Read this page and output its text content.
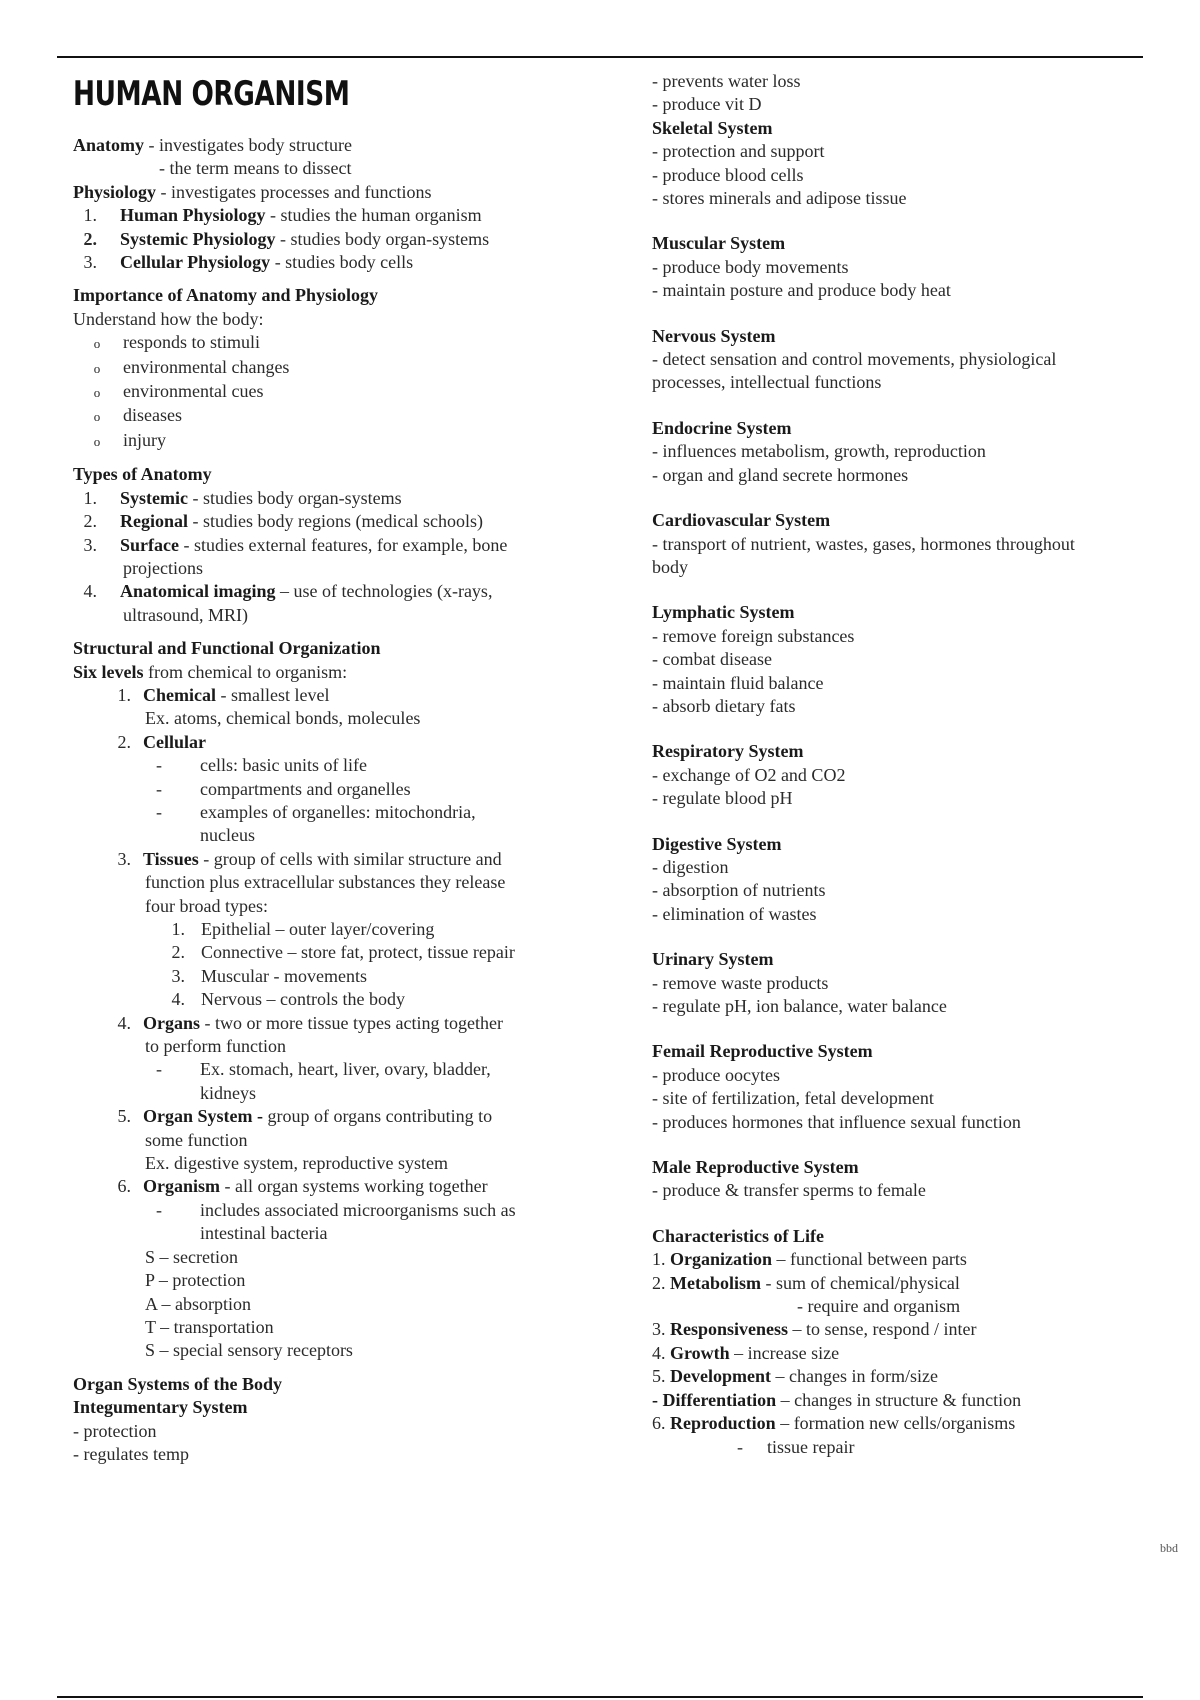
HUMAN ORGANISM
Anatomy - investigates body structure
- the term means to dissect
Physiology - investigates processes and functions
1. Human Physiology - studies the human organism
2. Systemic Physiology - studies body organ-systems
3. Cellular Physiology - studies body cells
Importance of Anatomy and Physiology
Understand how the body:
o responds to stimuli
o environmental changes
o environmental cues
o diseases
o injury
Types of Anatomy
1. Systemic - studies body organ-systems
2. Regional - studies body regions (medical schools)
3. Surface - studies external features, for example, bone
projections
4. Anatomical imaging – use of technologies (x-rays,
ultrasound, MRI)
Structural and Functional Organization
Six levels from chemical to organism:
1. Chemical - smallest level
Ex. atoms, chemical bonds, molecules
2. Cellular
- cells: basic units of life
- compartments and organelles
- examples of organelles: mitochondria,
nucleus
3. Tissues - group of cells with similar structure and
function plus extracellular substances they release
four broad types:
1. Epithelial – outer layer/covering
2. Connective – store fat, protect, tissue repair
3. Muscular - movements
4. Nervous – controls the body
4. Organs - two or more tissue types acting together
to perform function
- Ex. stomach, heart, liver, ovary, bladder,
kidneys
5. Organ System - group of organs contributing to
some function
Ex. digestive system, reproductive system
6. Organism - all organ systems working together
- includes associated microorganisms such as
intestinal bacteria
S – secretion
P – protection
A – absorption
T – transportation
S – special sensory receptors
Organ Systems of the Body
Integumentary System
- protection
- regulates temp
- prevents water loss
- produce vit D
Skeletal System
- protection and support
- produce blood cells
- stores minerals and adipose tissue
Muscular System
- produce body movements
- maintain posture and produce body heat
Nervous System
- detect sensation and control movements, physiological
processes, intellectual functions
Endocrine System
- influences metabolism, growth, reproduction
- organ and gland secrete hormones
Cardiovascular System
- transport of nutrient, wastes, gases, hormones throughout
body
Lymphatic System
- remove foreign substances
- combat disease
- maintain fluid balance
- absorb dietary fats
Respiratory System
- exchange of O2 and CO2
- regulate blood pH
Digestive System
- digestion
- absorption of nutrients
- elimination of wastes
Urinary System
- remove waste products
- regulate pH, ion balance, water balance
Femail Reproductive System
- produce oocytes
- site of fertilization, fetal development
- produces hormones that influence sexual function
Male Reproductive System
- produce & transfer sperms to female
Characteristics of Life
1. Organization – functional between parts
2. Metabolism - sum of chemical/physical
- require and organism
3. Responsiveness – to sense, respond / inter
4. Growth – increase size
5. Development – changes in form/size
- Differentiation – changes in structure & function
6. Reproduction – formation new cells/organisms
- tissue repair
bbd
